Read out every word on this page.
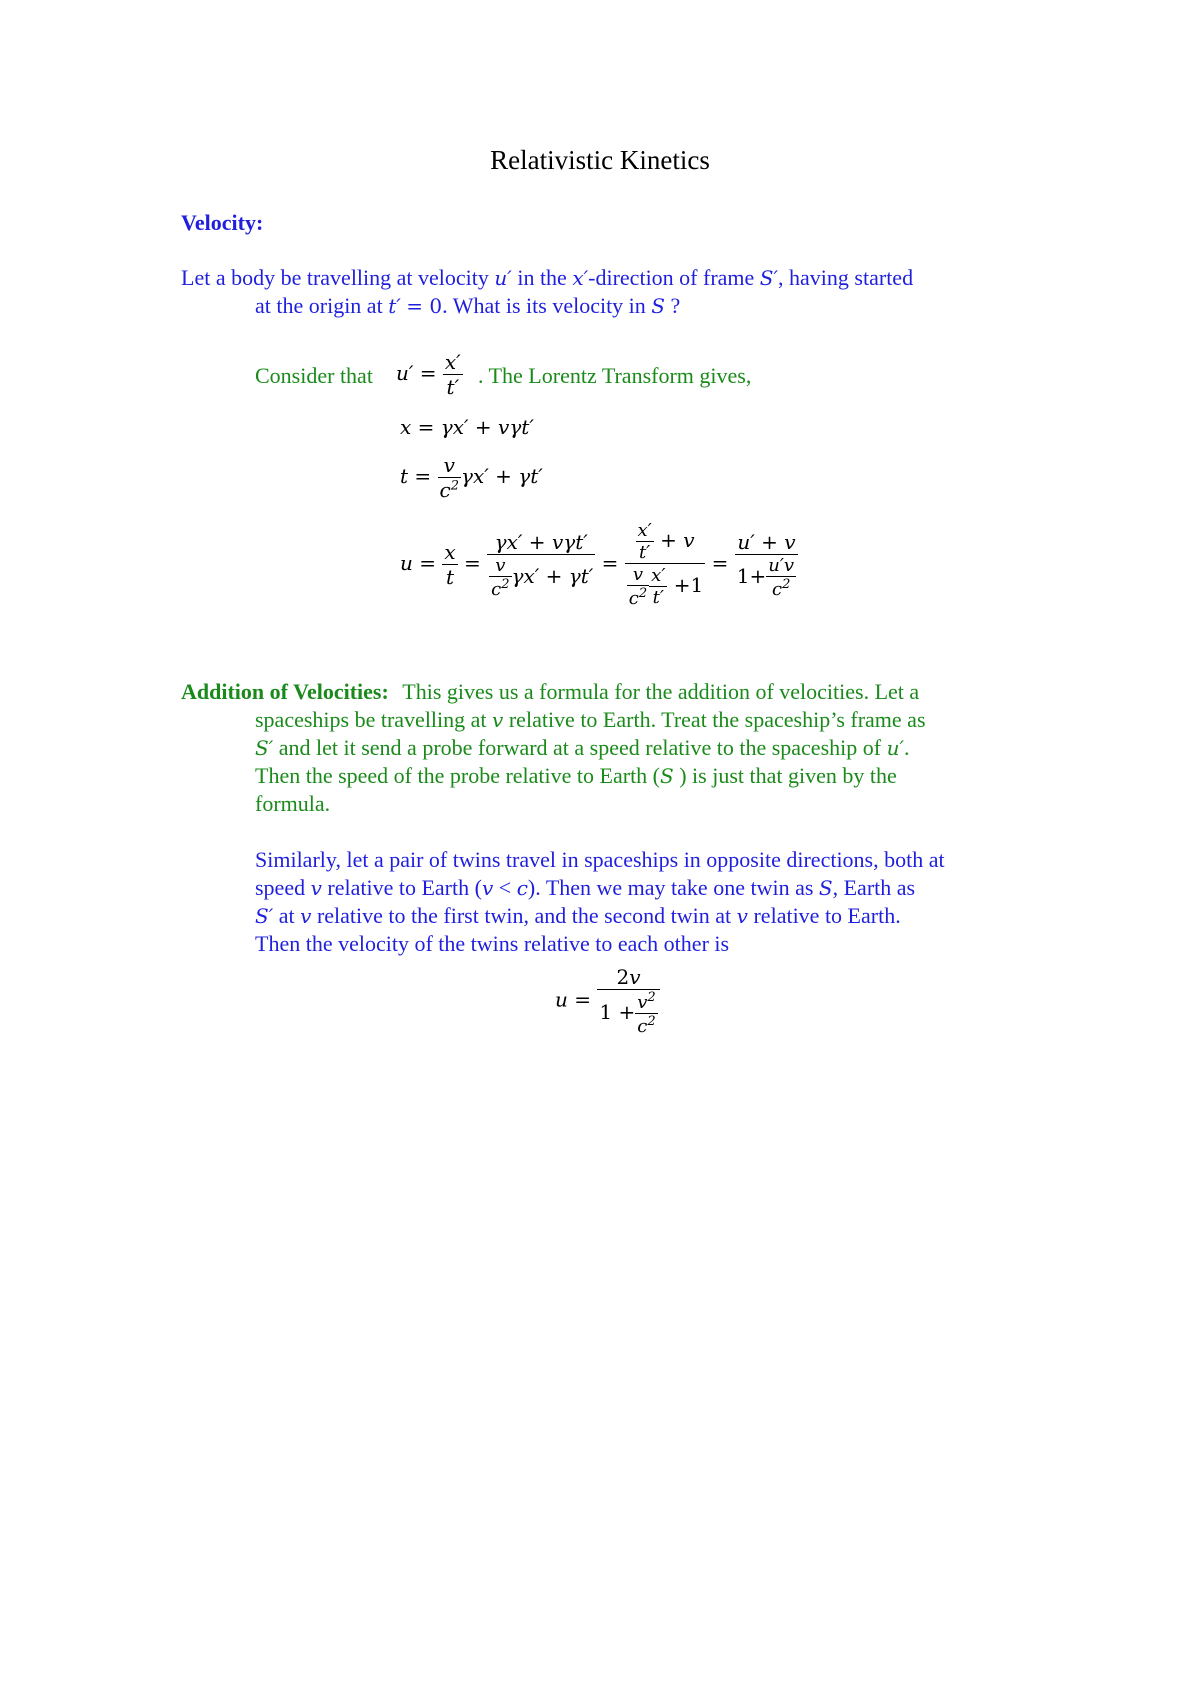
Relativistic Kinetics
Velocity:
Let a body be travelling at velocity u′ in the x′-direction of frame S′, having started
at the origin at t′ = 0. What is its velocity in S ?
Consider that $u' = \frac{x'}{t'}$ . The Lorentz Transform gives,
x = γx′ + vγt′
$t = \frac{v}{c^2} \gamma x' + \gamma t'$
$u = \frac{x}{t} = \frac{\text{γx′ + vγt′}}{\frac{v}{c^2} \gamma x' + \gamma t'} = \frac{\frac{x'}{t'} + v}{\frac{v}{c^2} \frac{x'}{t'} +1} = \frac{u' + v}{1+ \frac{u'v}{c^2}}$
Addition of Velocities: This gives us a formula for the addition of velocities. Let a
spaceships be travelling at v relative to Earth. Treat the spaceship’s frame as
S′ and let it send a probe forward at a speed relative to the spaceship of u′.
Then the speed of the probe relative to Earth (S ) is just that given by the
formula.
Similarly, let a pair of twins travel in spaceships in opposite directions, both at
speed v relative to Earth (v < c). Then we may take one twin as S, Earth as
S′ at v relative to the first twin, and the second twin at v relative to Earth.
Then the velocity of the twins relative to each other is
$u = \frac{2v}{1 + \frac{v^2}{c^2}}$
